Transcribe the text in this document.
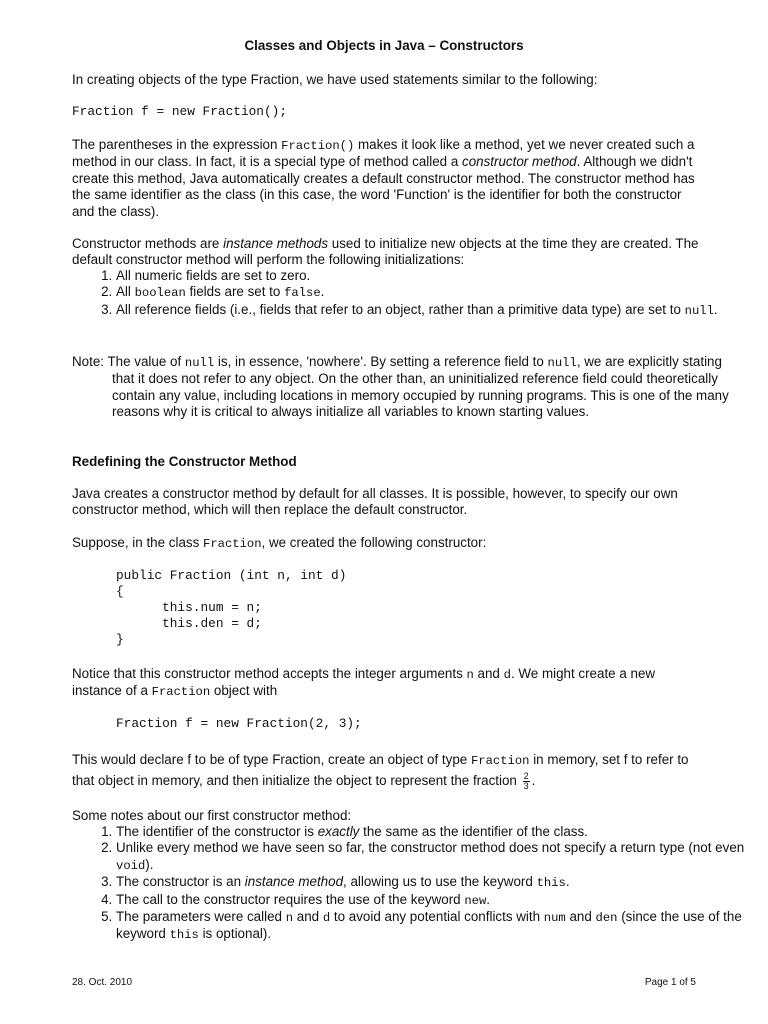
Classes and Objects in Java – Constructors

In creating objects of the type Fraction, we have used statements similar to the following:

Fraction f = new Fraction();

The parentheses in the expression Fraction() makes it look like a method, yet we never created such a method in our class. In fact, it is a special type of method called a constructor method. Although we didn't create this method, Java automatically creates a default constructor method. The constructor method has the same identifier as the class (in this case, the word 'Function' is the identifier for both the constructor and the class).

Constructor methods are instance methods used to initialize new objects at the time they are created. The default constructor method will perform the following initializations:

1. All numeric fields are set to zero.
2. All boolean fields are set to false.
3. All reference fields (i.e., fields that refer to an object, rather than a primitive data type) are set to null.

Note: The value of null is, in essence, 'nowhere'. By setting a reference field to null, we are explicitly stating that it does not refer to any object. On the other than, an uninitialized reference field could theoretically contain any value, including locations in memory occupied by running programs. This is one of the many reasons why it is critical to always initialize all variables to known starting values.

Redefining the Constructor Method

Java creates a constructor method by default for all classes. It is possible, however, to specify our own constructor method, which will then replace the default constructor.

Suppose, in the class Fraction, we created the following constructor:

public Fraction (int n, int d)
{
this.num = n;
this.den = d;
}

Notice that this constructor method accepts the integer arguments n and d. We might create a new instance of a Fraction object with

Fraction f = new Fraction(2, 3);

This would declare f to be of type Fraction, create an object of type Fraction in memory, set f to refer to that object in memory, and then initialize the object to represent the fraction $\frac{2}{3}$ .

Some notes about our first constructor method:

1. The identifier of the constructor is exactly the same as the identifier of the class.
2. Unlike every method we have seen so far, the constructor method does not specify a return type (not even void).
3. The constructor is an instance method, allowing us to use the keyword this.
4. The call to the constructor requires the use of the keyword new.
5. The parameters were called n and d to avoid any potential conflicts with num and den (since the use of the keyword this is optional).
28. Oct. 2010	Page 1 of 5
